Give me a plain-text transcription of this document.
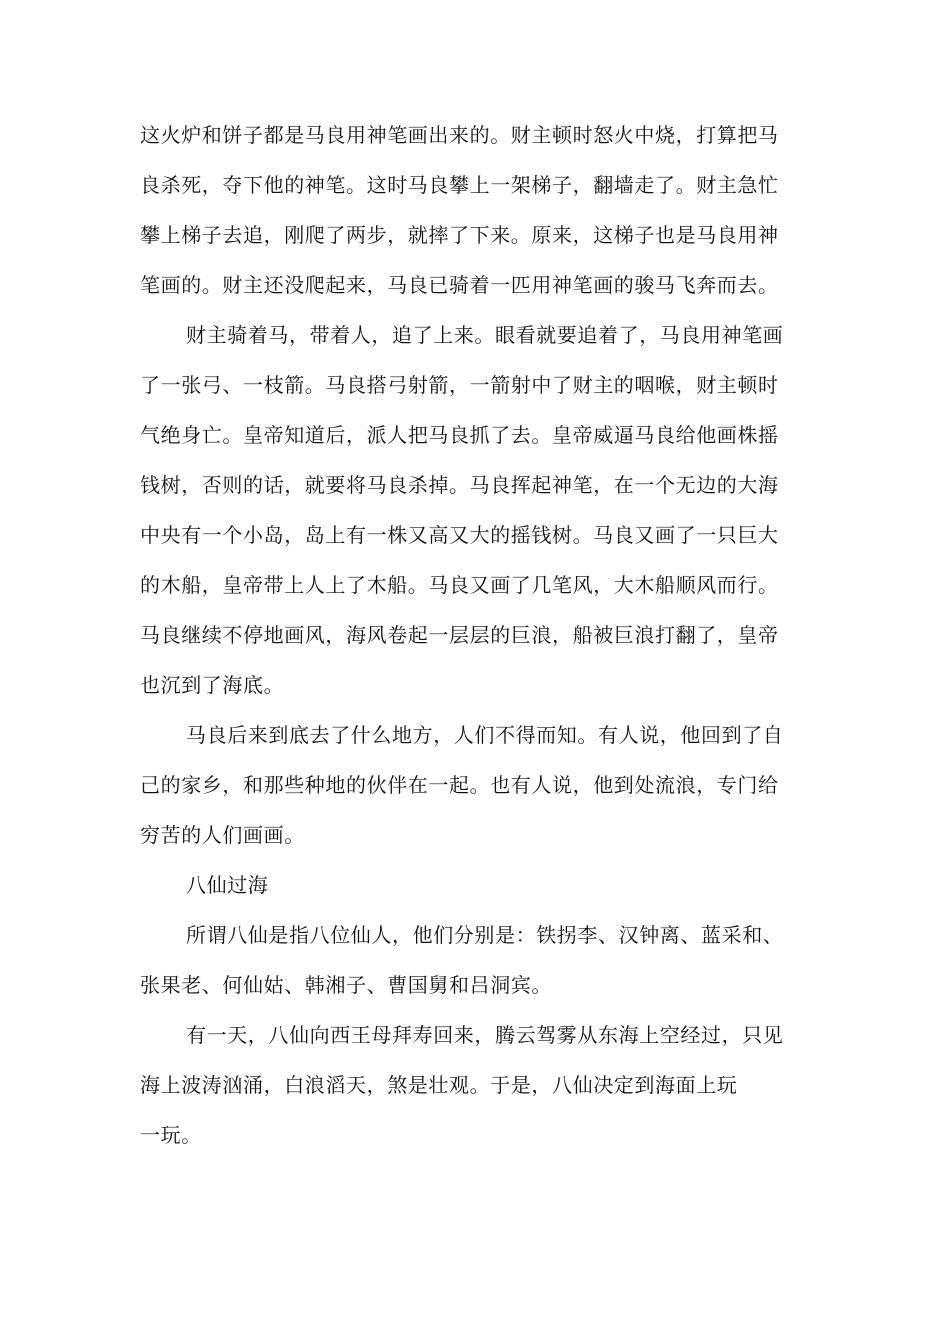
这火炉和饼子都是马良用神笔画出来的。财主顿时怒火中烧，打算把马
良杀死，夺下他的神笔。这时马良攀上一架梯子，翻墙走了。财主急忙
攀上梯子去追，刚爬了两步，就摔了下来。原来，这梯子也是马良用神
笔画的。财主还没爬起来，马良已骑着一匹用神笔画的骏马飞奔而去。
财主骑着马，带着人，追了上来。眼看就要追着了，马良用神笔画
了一张弓、一枝箭。马良搭弓射箭，一箭射中了财主的咽喉，财主顿时
气绝身亡。皇帝知道后，派人把马良抓了去。皇帝威逼马良给他画株摇
钱树，否则的话，就要将马良杀掉。马良挥起神笔，在一个无边的大海
中央有一个小岛，岛上有一株又高又大的摇钱树。马良又画了一只巨大
的木船，皇帝带上人上了木船。马良又画了几笔风，大木船顺风而行。
马良继续不停地画风，海风卷起一层层的巨浪，船被巨浪打翻了，皇帝
也沉到了海底。
马良后来到底去了什么地方，人们不得而知。有人说，他回到了自
己的家乡，和那些种地的伙伴在一起。也有人说，他到处流浪，专门给
穷苦的人们画画。
八仙过海
所谓八仙是指八位仙人，他们分别是：铁拐李、汉钟离、蓝采和、
张果老、何仙姑、韩湘子、曹国舅和吕洞宾。
有一天，八仙向西王母拜寿回来，腾云驾雾从东海上空经过，只见
海上波涛汹涌，白浪滔天，煞是壮观。于是，八仙决定到海面上玩
一玩。
